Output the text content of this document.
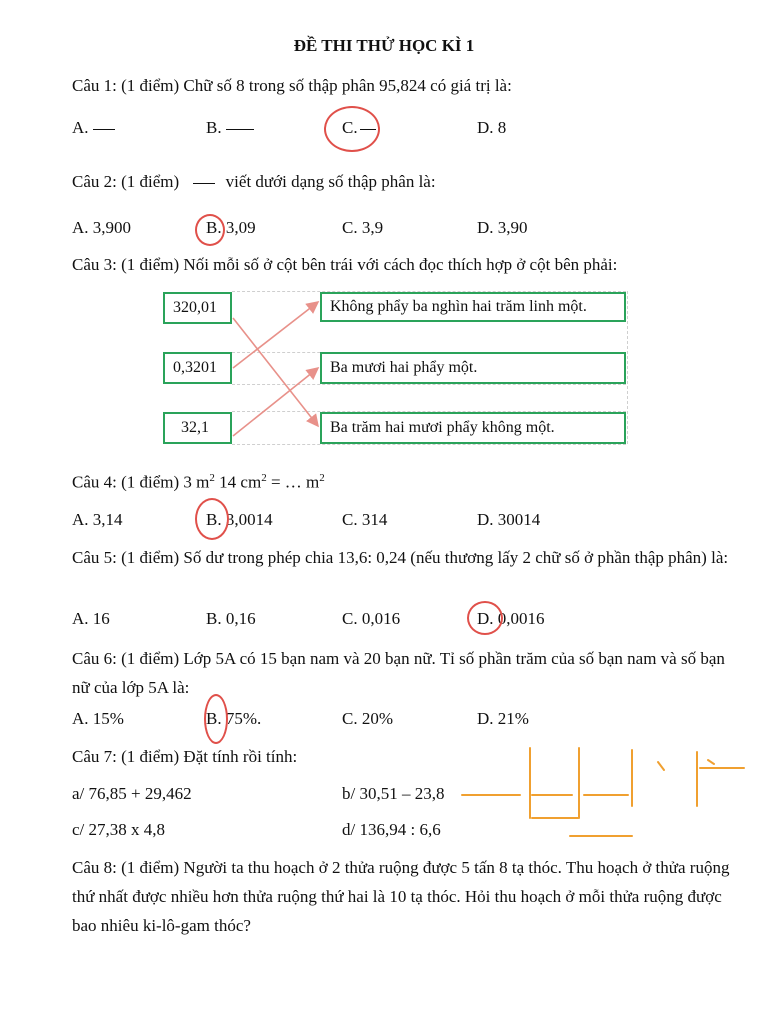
ĐỀ THI THỬ HỌC KÌ 1
Câu 1: (1 điểm) Chữ số 8 trong số thập phân 95,824 có giá trị là:
A.	B.	C.	D. 8
Câu 2: (1 điểm)	viết dưới dạng số thập phân là:
A. 3,900	B. 3,09	C. 3,9	D. 3,90
Câu 3: (1 điểm) Nối mỗi số ở cột bên trái với cách đọc thích hợp ở cột bên phải:
320,01
0,3201
32,1
Không phẩy ba nghìn hai trăm linh một.
Ba mươi hai phẩy một.
Ba trăm hai mươi phẩy không một.
Câu 4: (1 điểm) 3 $m^2$ 14 $cm^2$ = … $m^2$
A. 3,14	B. 3,0014	C. 314	D. 30014
Câu 5: (1 điểm) Số dư trong phép chia 13,6: 0,24 (nếu thương lấy 2 chữ số ở phần thập phân) là:
A. 16	B. 0,16	C. 0,016	D. 0,0016
Câu 6: (1 điểm) Lớp 5A có 15 bạn nam và 20 bạn nữ. Tỉ số phần trăm của số bạn nam và số bạn nữ của lớp 5A là:
A. 15%	B. 75%.	C. 20%	D. 21%
Câu 7: (1 điểm) Đặt tính rồi tính:
a/ 76,85 + 29,462	b/ 30,51 – 23,8
c/ 27,38 x 4,8	d/ 136,94 : 6,6
Câu 8: (1 điểm) Người ta thu hoạch ở 2 thửa ruộng được 5 tấn 8 tạ thóc. Thu hoạch ở thửa ruộng thứ nhất được nhiều hơn thửa ruộng thứ hai là 10 tạ thóc. Hỏi thu hoạch ở mỗi thửa ruộng được bao nhiêu ki-lô-gam thóc?
